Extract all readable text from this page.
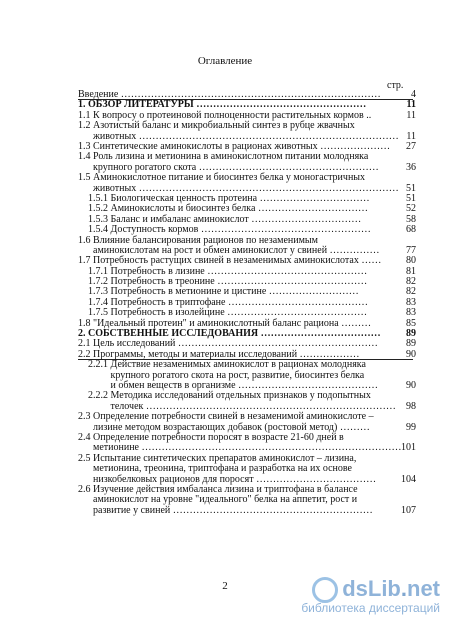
Оглавление
стр.
Введение ……………………………………………………………………	4
1. ОБЗОР ЛИТЕРАТУРЫ ……………………………………………	11
1.1 К вопросу о протеиновой полноценности растительных кормов ..	11
1.2 Азотистый баланс и микробиальный синтез в рубце жвачных
животных …………………………………………………………………… 11
1.3 Синтетические аминокислоты в рационах животных …………………	27
1.4 Роль лизина и метионина в аминокислотном питании молодняка
крупного рогатого скота ………………………………………………	36
1.5 Аминокислотное питание и биосинтез белка у моногастричных
животных …………………………………………………………………… 51
1.5.1 Биологическая ценность протеина ……………………………	51
1.5.2 Аминокислоты и биосинтез белка ……………………………	52
1.5.3 Баланс и имбаланс аминокислот ……………………………	58
1.5.4 Доступность кормов ……………………………………………	68
1.6 Влияние балансирования рационов по незаменимым
аминокислотам на рост и обмен аминокислот у свиней ……………	77
1.7 Потребность растущих свиней в незаменимых аминокислотах ……	80
1.7.1 Потребность в лизине …………………………………………	81
1.7.2 Потребность в треонине ………………………………………	82
1.7.3 Потребность в метионине и цистине ………………………	82
1.7.4 Потребность в триптофане ……………………………………	83
1.7.5 Потребность в изолейцине ……………………………………	83
1.8 "Идеальный протеин" и аминокислотный баланс рациона ………	85
2. СОБСТВЕННЫЕ ИССЛЕДОВАНИЯ ………………………………	89
2.1 Цель исследований ……………………………………………………	89
2.2 Программы, методы и материалы исследований ………………	90
2.2.1 Действие незаменимых аминокислот в рационах молодняка
крупного рогатого скота на рост, развитие, биосинтез белка
и обмен веществ в организме ……………………………………	90
2.2.2 Методика исследований отдельных признаков у подопытных
телочек …………………………………………………………………	98
2.3 Определение потребности свиней в незаменимой аминокислоте –
лизине методом возрастающих добавок (ростовой метод) ………	99
2.4 Определение потребности поросят в возрасте 21-60 дней в
метионине …………………………………………………………………… 101
2.5 Испытание синтетических препаратов аминокислот – лизина,
метионина, треонина, триптофана и разработка на их основе
низкобелковых рационов для поросят ………………………………	104
2.6 Изучение действия имбаланса лизина и триптофана в балансе
аминокислот на уровне "идеального" белка на аппетит, рост и
развитие у свиней ……………………………………………………	107
2	dsLib.net
библиотека диссертаций
